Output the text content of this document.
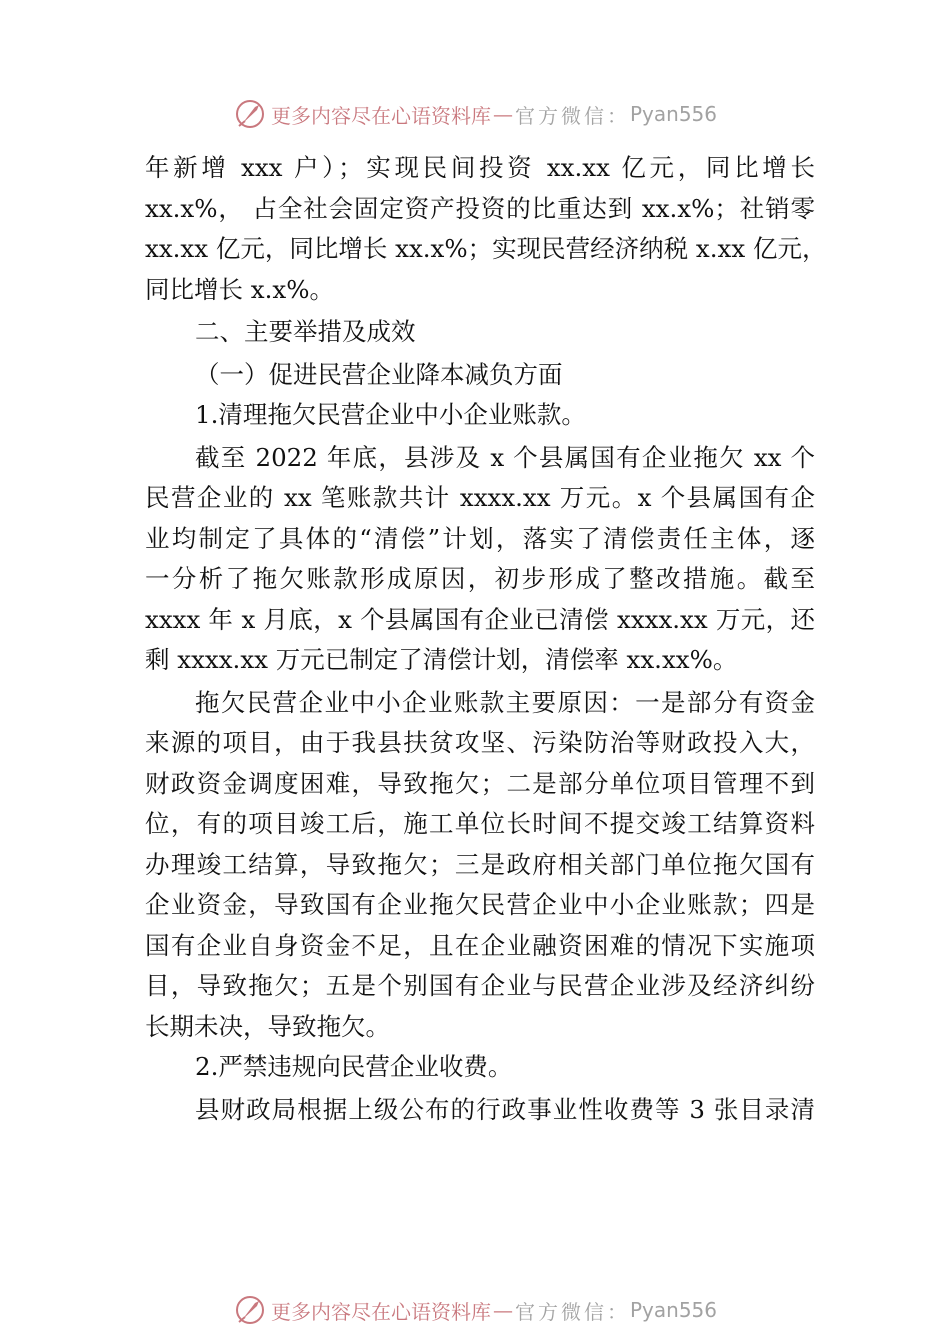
更多内容尽在心语资料库 — 官方微信： Pyan556
年新增 xxx 户）；实现民间投资 xx.xx 亿元，同比增长
xx.x%， 占全社会固定资产投资的比重达到 xx.x%；社销零
xx.xx 亿元，同比增长 xx.x%；实现民营经济纳税 x.xx 亿元，
同比增长 x.x%。
二、主要举措及成效
（一）促进民营企业降本减负方面
1.清理拖欠民营企业中小企业账款。
截至 2022 年底，县涉及 x 个县属国有企业拖欠 xx 个
民营企业的 xx 笔账款共计 xxxx.xx 万元。x 个县属国有企
业均制定了具体的“清偿”计划，落实了清偿责任主体，逐
一分析了拖欠账款形成原因，初步形成了整改措施。截至
xxxx 年 x 月底，x 个县属国有企业已清偿 xxxx.xx 万元，还
剩 xxxx.xx 万元已制定了清偿计划，清偿率 xx.xx%。
拖欠民营企业中小企业账款主要原因：一是部分有资金
来源的项目，由于我县扶贫攻坚、污染防治等财政投入大，
财政资金调度困难，导致拖欠；二是部分单位项目管理不到
位，有的项目竣工后，施工单位长时间不提交竣工结算资料
办理竣工结算，导致拖欠；三是政府相关部门单位拖欠国有
企业资金，导致国有企业拖欠民营企业中小企业账款；四是
国有企业自身资金不足，且在企业融资困难的情况下实施项
目，导致拖欠；五是个别国有企业与民营企业涉及经济纠纷
长期未决，导致拖欠。
2.严禁违规向民营企业收费。
县财政局根据上级公布的行政事业性收费等 3 张目录清
更多内容尽在心语资料库 — 官方微信： Pyan556
